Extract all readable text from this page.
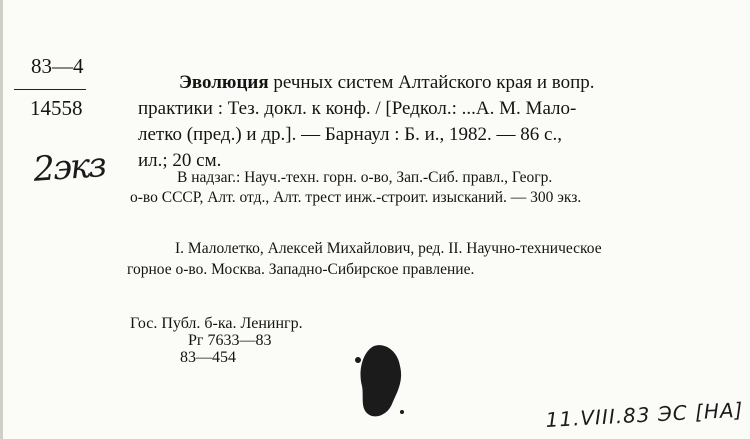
83—4
14558
2экз
Эволюция речных систем Алтайского края и вопр.
практики : Тез. докл. к конф. / [Редкол.: ...А. М. Мало-
летко (пред.) и др.]. — Барнаул : Б. и., 1982. — 86 с.,
ил.; 20 см.
В надзаг.: Науч.-техн. горн. о-во, Зап.-Сиб. правл., Геогр.
о-во СССР, Алт. отд., Алт. трест инж.-строит. изысканий. — 300 экз.
I. Малолетко, Алексей Михайлович, ред. II. Научно-техническое
горное о-во. Москва. Западно-Сибирское правление.
Гос. Публ. б-ка. Ленингр.
Рг 7633—83
83—454
11.VIII.83 ЭС [НА]
